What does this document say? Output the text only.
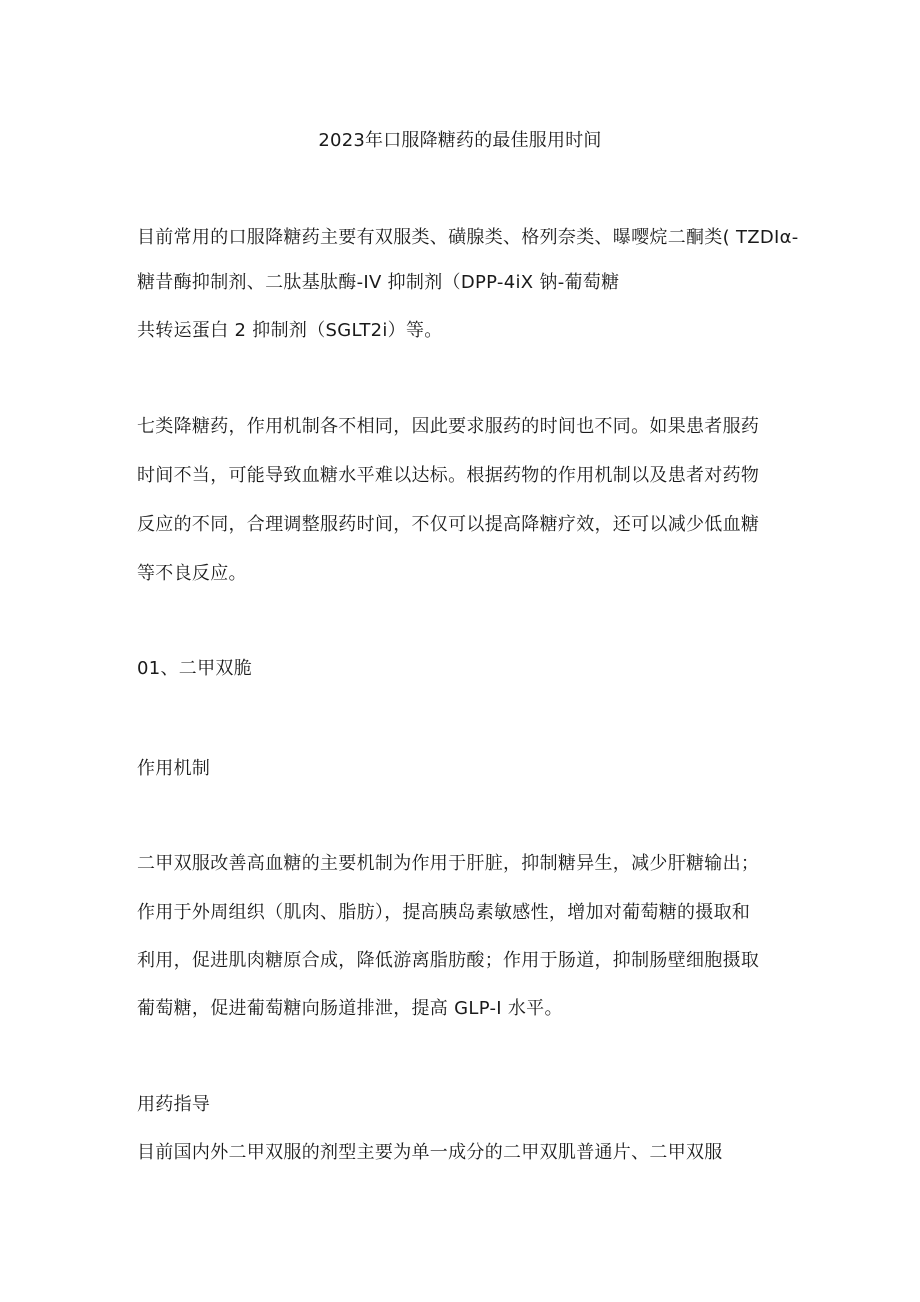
2023年口服降糖药的最佳服用时间
目前常用的口服降糖药主要有双服类、磺腺类、格列奈类、曝嘤烷二酮类( TZDIα-
糖昔酶抑制剂、二肽基肽酶-IV 抑制剂（DPP-4iX 钠-葡萄糖
共转运蛋白 2 抑制剂（SGLT2i）等。
七类降糖药，作用机制各不相同，因此要求服药的时间也不同。如果患者服药
时间不当，可能导致血糖水平难以达标。根据药物的作用机制以及患者对药物
反应的不同，合理调整服药时间，不仅可以提高降糖疗效，还可以减少低血糖
等不良反应。
01、二甲双脆
作用机制
二甲双服改善高血糖的主要机制为作用于肝脏，抑制糖异生，减少肝糖输出；
作用于外周组织（肌肉、脂肪），提高胰岛素敏感性，增加对葡萄糖的摄取和
利用，促进肌肉糖原合成，降低游离脂肪酸；作用于肠道，抑制肠壁细胞摄取
葡萄糖，促进葡萄糖向肠道排泄，提高 GLP-I 水平。
用药指导
目前国内外二甲双服的剂型主要为单一成分的二甲双肌普通片、二甲双服
